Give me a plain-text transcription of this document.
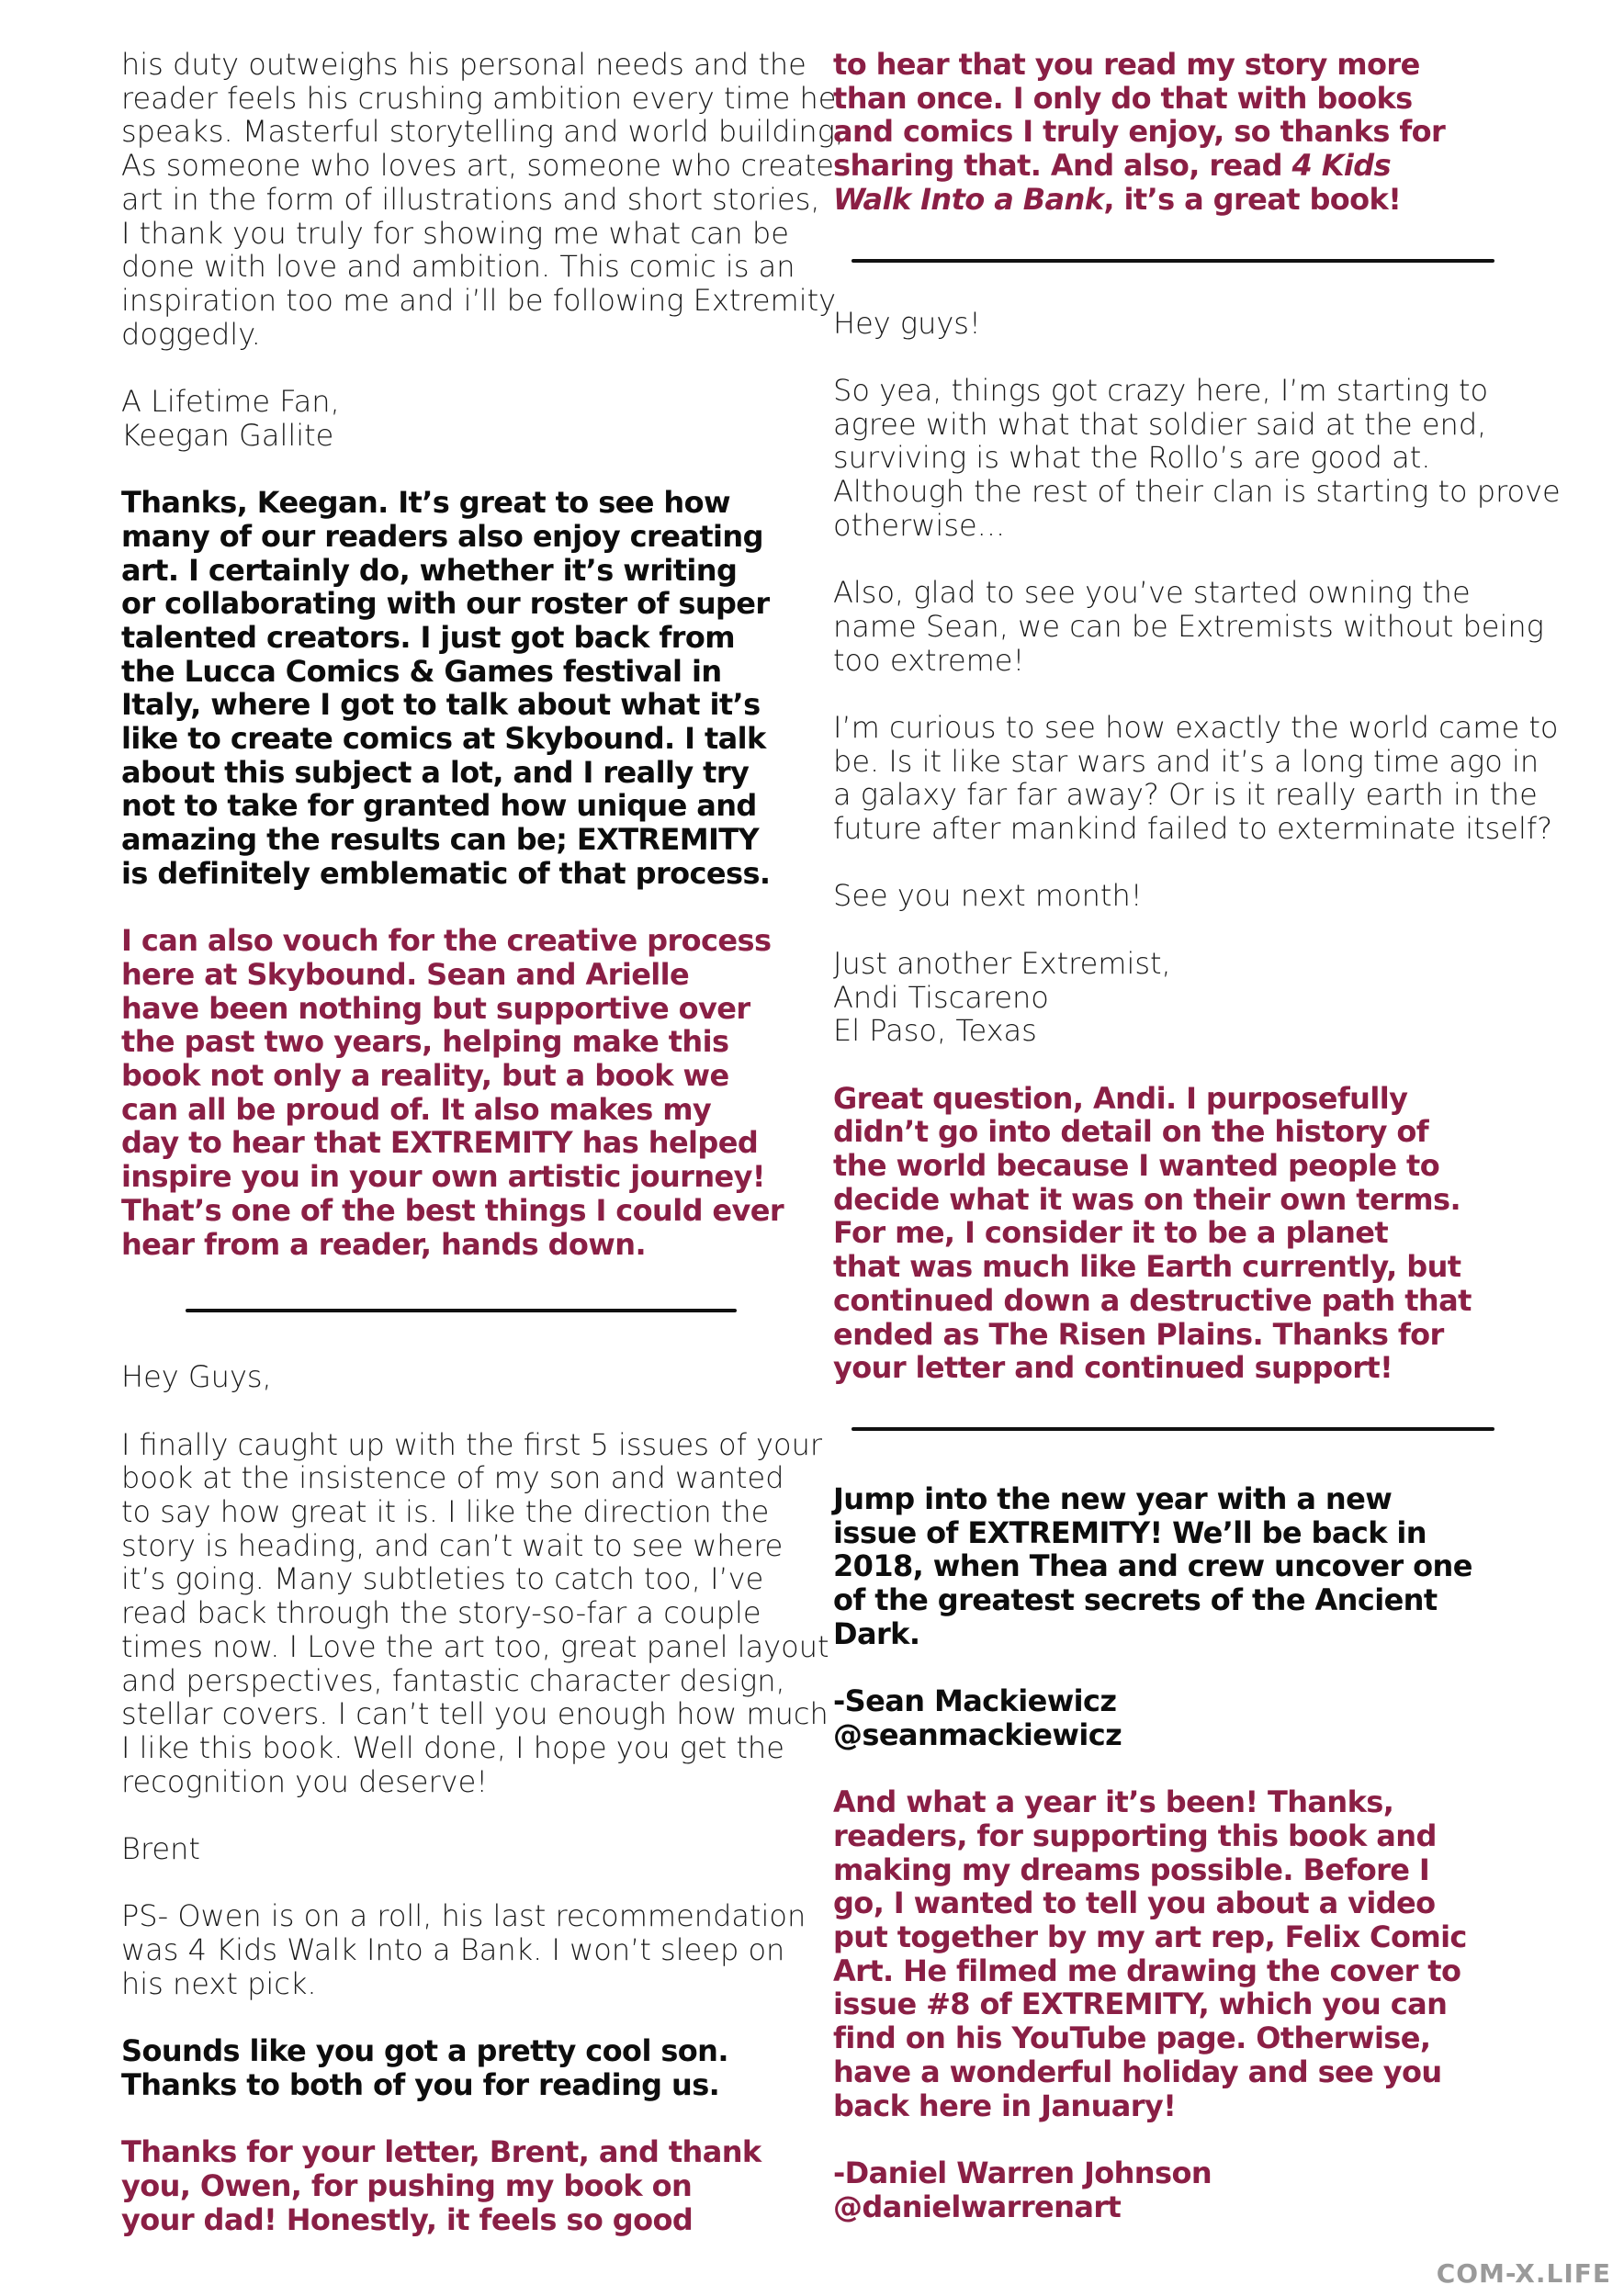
his duty outweighs his personal needs and the
reader feels his crushing ambition every time he
speaks. Masterful storytelling and world building,
As someone who loves art, someone who creates
art in the form of illustrations and short stories,
I thank you truly for showing me what can be
done with love and ambition. This comic is an
inspiration too me and i’ll be following Extremity
doggedly.
A Lifetime Fan,
Keegan Gallite
Thanks, Keegan. It’s great to see how
many of our readers also enjoy creating
art. I certainly do, whether it’s writing
or collaborating with our roster of super
talented creators. I just got back from
the Lucca Comics & Games festival in
Italy, where I got to talk about what it’s
like to create comics at Skybound. I talk
about this subject a lot, and I really try
not to take for granted how unique and
amazing the results can be; EXTREMITY
is definitely emblematic of that process.
I can also vouch for the creative process
here at Skybound. Sean and Arielle
have been nothing but supportive over
the past two years, helping make this
book not only a reality, but a book we
can all be proud of. It also makes my
day to hear that EXTREMITY has helped
inspire you in your own artistic journey!
That’s one of the best things I could ever
hear from a reader, hands down.
Hey Guys,
I finally caught up with the first 5 issues of your
book at the insistence of my son and wanted
to say how great it is. I like the direction the
story is heading, and can’t wait to see where
it’s going. Many subtleties to catch too, I’ve
read back through the story-so-far a couple
times now. I Love the art too, great panel layout
and perspectives, fantastic character design,
stellar covers. I can’t tell you enough how much
I like this book. Well done, I hope you get the
recognition you deserve!
Brent
PS- Owen is on a roll, his last recommendation
was 4 Kids Walk Into a Bank. I won’t sleep on
his next pick.
Sounds like you got a pretty cool son.
Thanks to both of you for reading us.
Thanks for your letter, Brent, and thank
you, Owen, for pushing my book on
your dad! Honestly, it feels so good
to hear that you read my story more
than once. I only do that with books
and comics I truly enjoy, so thanks for
sharing that. And also, read 4 Kids
Walk Into a Bank, it’s a great book!
Hey guys!
So yea, things got crazy here, I’m starting to
agree with what that soldier said at the end,
surviving is what the Rollo’s are good at.
Although the rest of their clan is starting to prove
otherwise...
Also, glad to see you’ve started owning the
name Sean, we can be Extremists without being
too extreme!
I’m curious to see how exactly the world came to
be. Is it like star wars and it’s a long time ago in
a galaxy far far away? Or is it really earth in the
future after mankind failed to exterminate itself?
See you next month!
Just another Extremist,
Andi Tiscareno
El Paso, Texas
Great question, Andi. I purposefully
didn’t go into detail on the history of
the world because I wanted people to
decide what it was on their own terms.
For me, I consider it to be a planet
that was much like Earth currently, but
continued down a destructive path that
ended as The Risen Plains. Thanks for
your letter and continued support!
Jump into the new year with a new
issue of EXTREMITY! We’ll be back in
2018, when Thea and crew uncover one
of the greatest secrets of the Ancient
Dark.
-Sean Mackiewicz
@seanmackiewicz
And what a year it’s been! Thanks,
readers, for supporting this book and
making my dreams possible. Before I
go, I wanted to tell you about a video
put together by my art rep, Felix Comic
Art. He filmed me drawing the cover to
issue #8 of EXTREMITY, which you can
find on his YouTube page. Otherwise,
have a wonderful holiday and see you
back here in January!
-Daniel Warren Johnson
@danielwarrenart
COM-X.LIFE
